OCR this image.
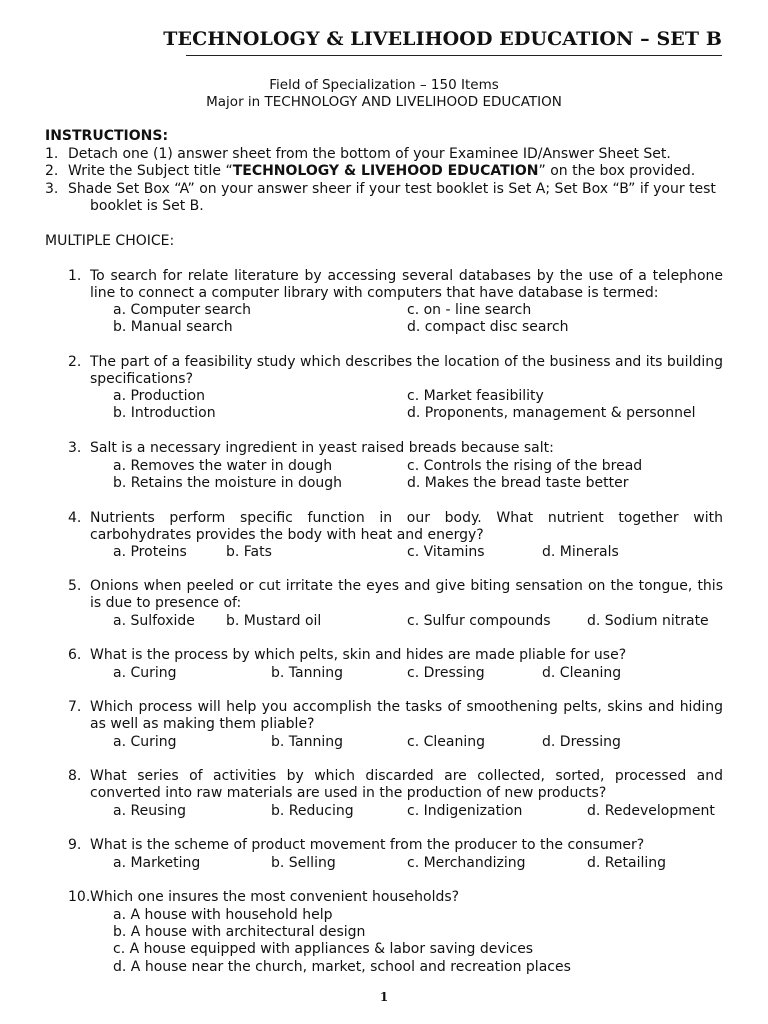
TECHNOLOGY & LIVELIHOOD EDUCATION – SET B
Field of Specialization – 150 Items
Major in TECHNOLOGY AND LIVELIHOOD EDUCATION
INSTRUCTIONS:
1. Detach one (1) answer sheet from the bottom of your Examinee ID/Answer Sheet Set.
2. Write the Subject title “TECHNOLOGY & LIVEHOOD EDUCATION” on the box provided.
3. Shade Set Box “A” on your answer sheer if your test booklet is Set A; Set Box “B” if your test
booklet is Set B.
MULTIPLE CHOICE:
1. To search for relate literature by accessing several databases by the use of a telephone line to connect a computer library with computers that have database is termed:
a. Computer search	c. on - line search
b. Manual search	d. compact disc search
2. The part of a feasibility study which describes the location of the business and its building specifications?
a. Production	c. Market feasibility
b. Introduction	d. Proponents, management & personnel
3. Salt is a necessary ingredient in yeast raised breads because salt:
a. Removes the water in dough	c. Controls the rising of the bread
b. Retains the moisture in dough	d. Makes the bread taste better
4. Nutrients perform specific function in our body. What nutrient together with carbohydrates provides the body with heat and energy?
a. Proteins	b. Fats	c. Vitamins	d. Minerals
5. Onions when peeled or cut irritate the eyes and give biting sensation on the tongue, this is due to presence of:
a. Sulfoxide b. Mustard oil	c. Sulfur compounds	d. Sodium nitrate
6. What is the process by which pelts, skin and hides are made pliable for use?
a. Curing	b. Tanning	c. Dressing	d. Cleaning
7. Which process will help you accomplish the tasks of smoothening pelts, skins and hiding as well as making them pliable?
a. Curing	b. Tanning	c. Cleaning	d. Dressing
8. What series of activities by which discarded are collected, sorted, processed and converted into raw materials are used in the production of new products?
a. Reusing	b. Reducing	c. Indigenization	d. Redevelopment
9. What is the scheme of product movement from the producer to the consumer?
a. Marketing	b. Selling	c. Merchandizing	d. Retailing
10. Which one insures the most convenient households?
a. A house with household help
b. A house with architectural design
c. A house equipped with appliances & labor saving devices
d. A house near the church, market, school and recreation places
1
